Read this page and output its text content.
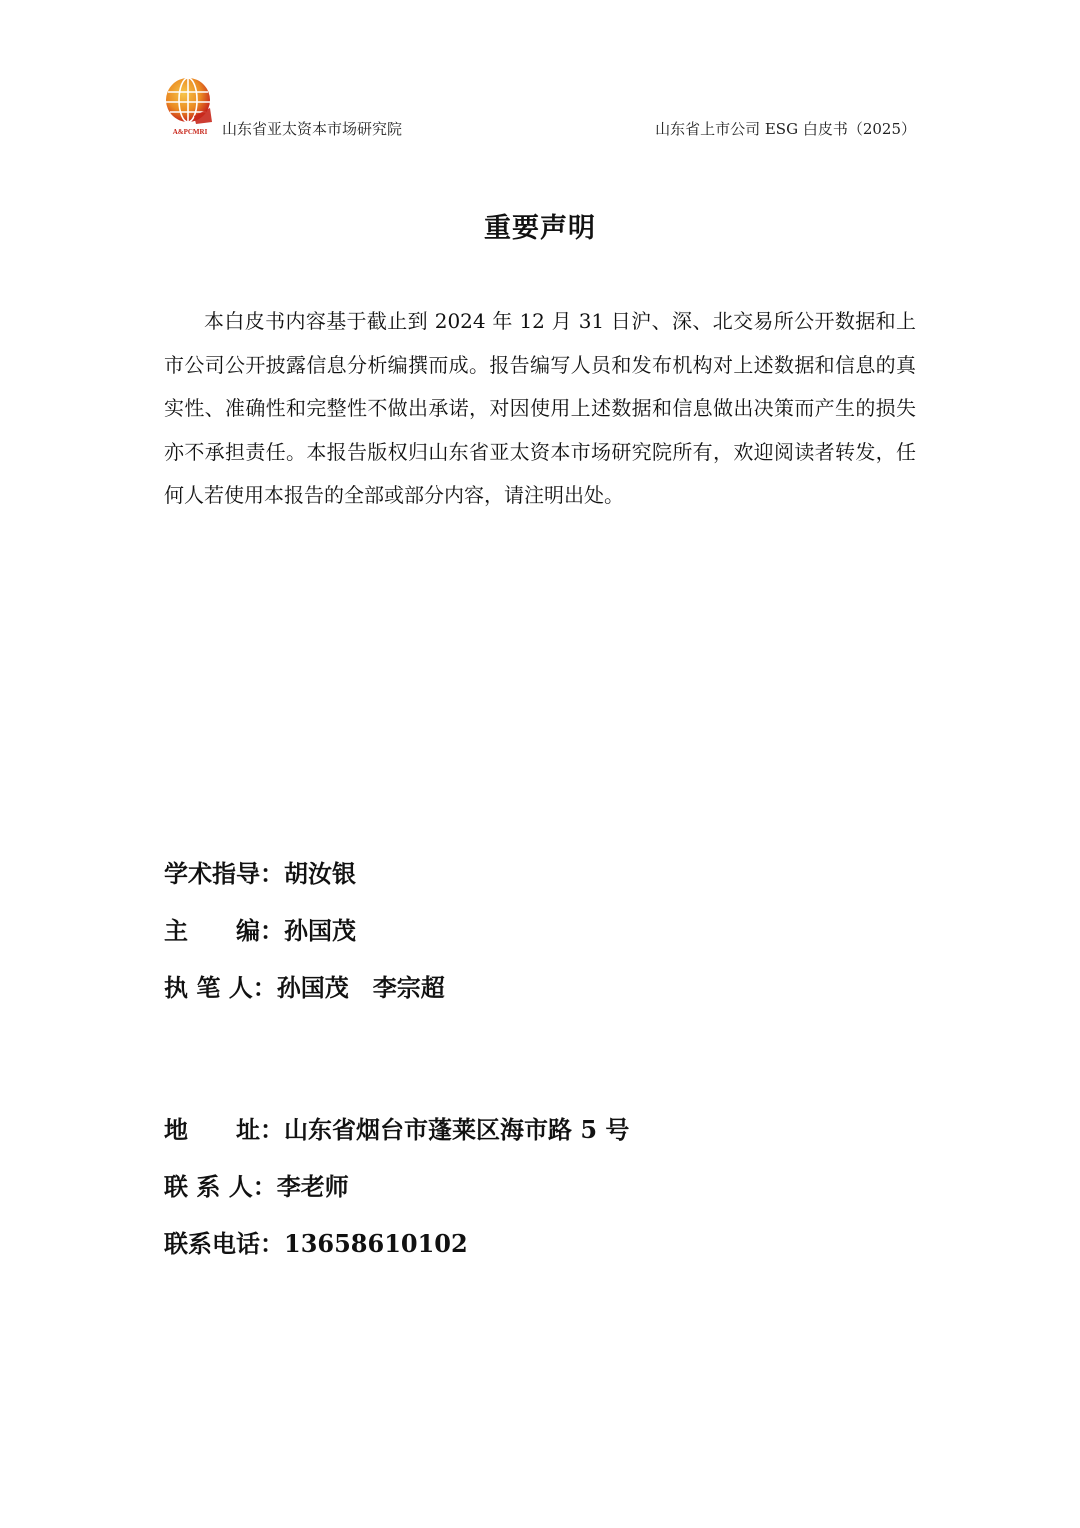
A&PCMRI 山东省亚太资本市场研究院	山东省上市公司 ESG 白皮书（2025）
重要声明

本白皮书内容基于截止到 2024 年 12 月 31 日沪、深、北交易所公开数据和上市公司公开披露信息分析编撰而成。报告编写人员和发布机构对上述数据和信息的真实性、准确性和完整性不做出承诺，对因使用上述数据和信息做出决策而产生的损失亦不承担责任。本报告版权归山东省亚太资本市场研究院所有，欢迎阅读者转发，任何人若使用本报告的全部或部分内容，请注明出处。

学术指导：胡汝银
主　　编：孙国茂
执 笔 人：孙国茂　李宗超
地　　址：山东省烟台市蓬莱区海市路 5 号
联 系 人：李老师
联系电话：13658610102
